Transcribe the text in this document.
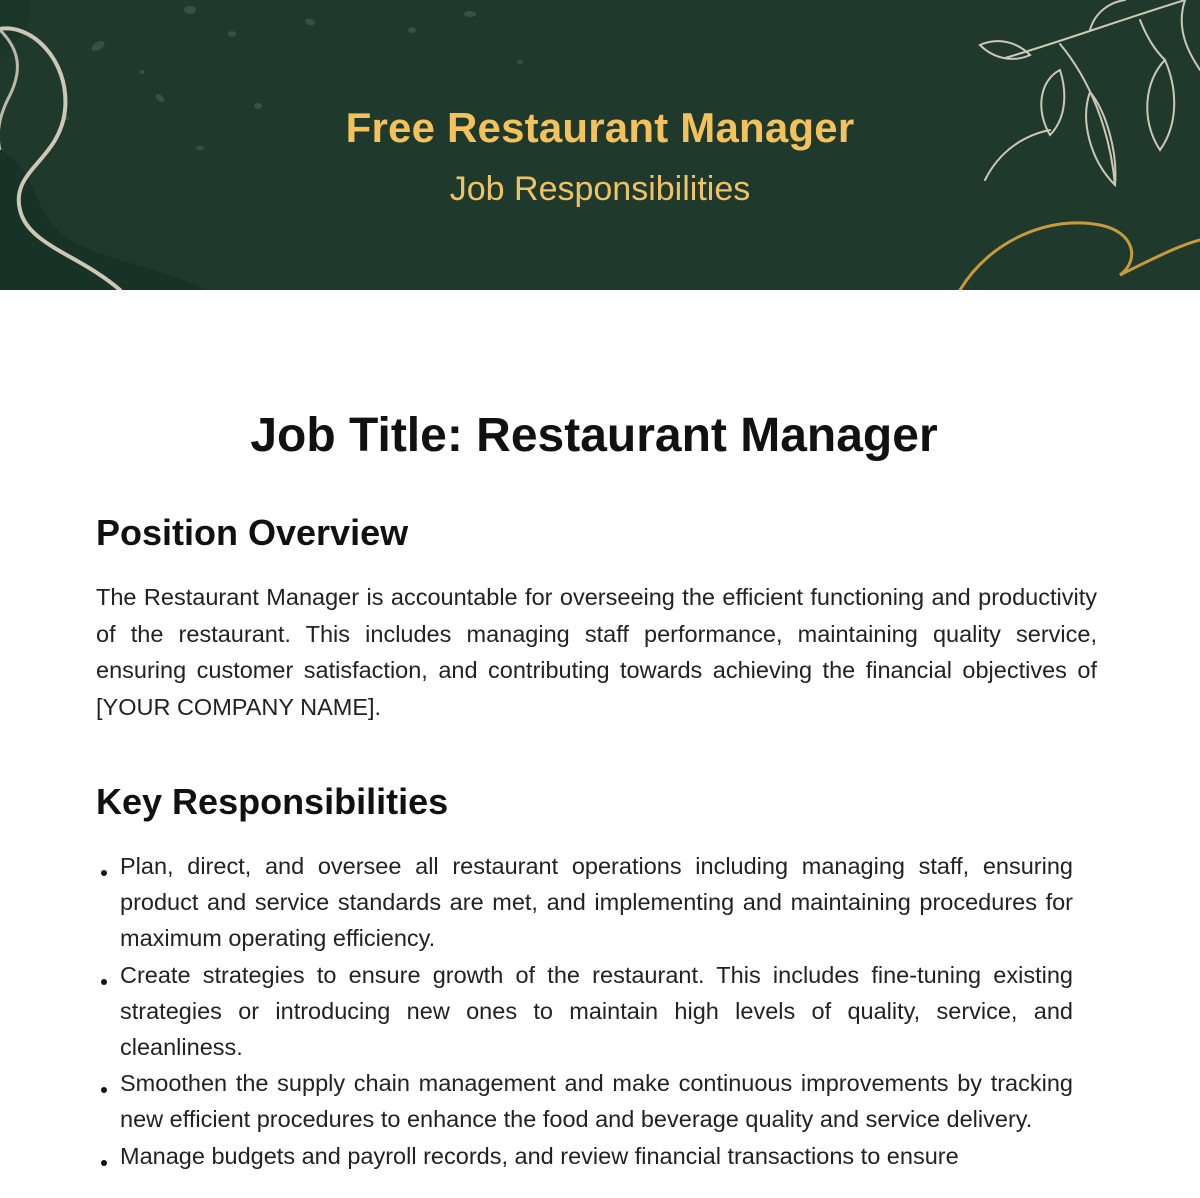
Free Restaurant Manager
Job Responsibilities
Job Title: Restaurant Manager
Position Overview

The Restaurant Manager is accountable for overseeing the efficient functioning and productivity of the restaurant. This includes managing staff performance, maintaining quality service, ensuring customer satisfaction, and contributing towards achieving the financial objectives of [YOUR COMPANY NAME].

Key Responsibilities
Plan, direct, and oversee all restaurant operations including managing staff, ensuring product and service standards are met, and implementing and maintaining procedures for maximum operating efficiency.
Create strategies to ensure growth of the restaurant. This includes fine-tuning existing strategies or introducing new ones to maintain high levels of quality, service, and cleanliness.
Smoothen the supply chain management and make continuous improvements by tracking new efficient procedures to enhance the food and beverage quality and service delivery.
Manage budgets and payroll records, and review financial transactions to ensure
